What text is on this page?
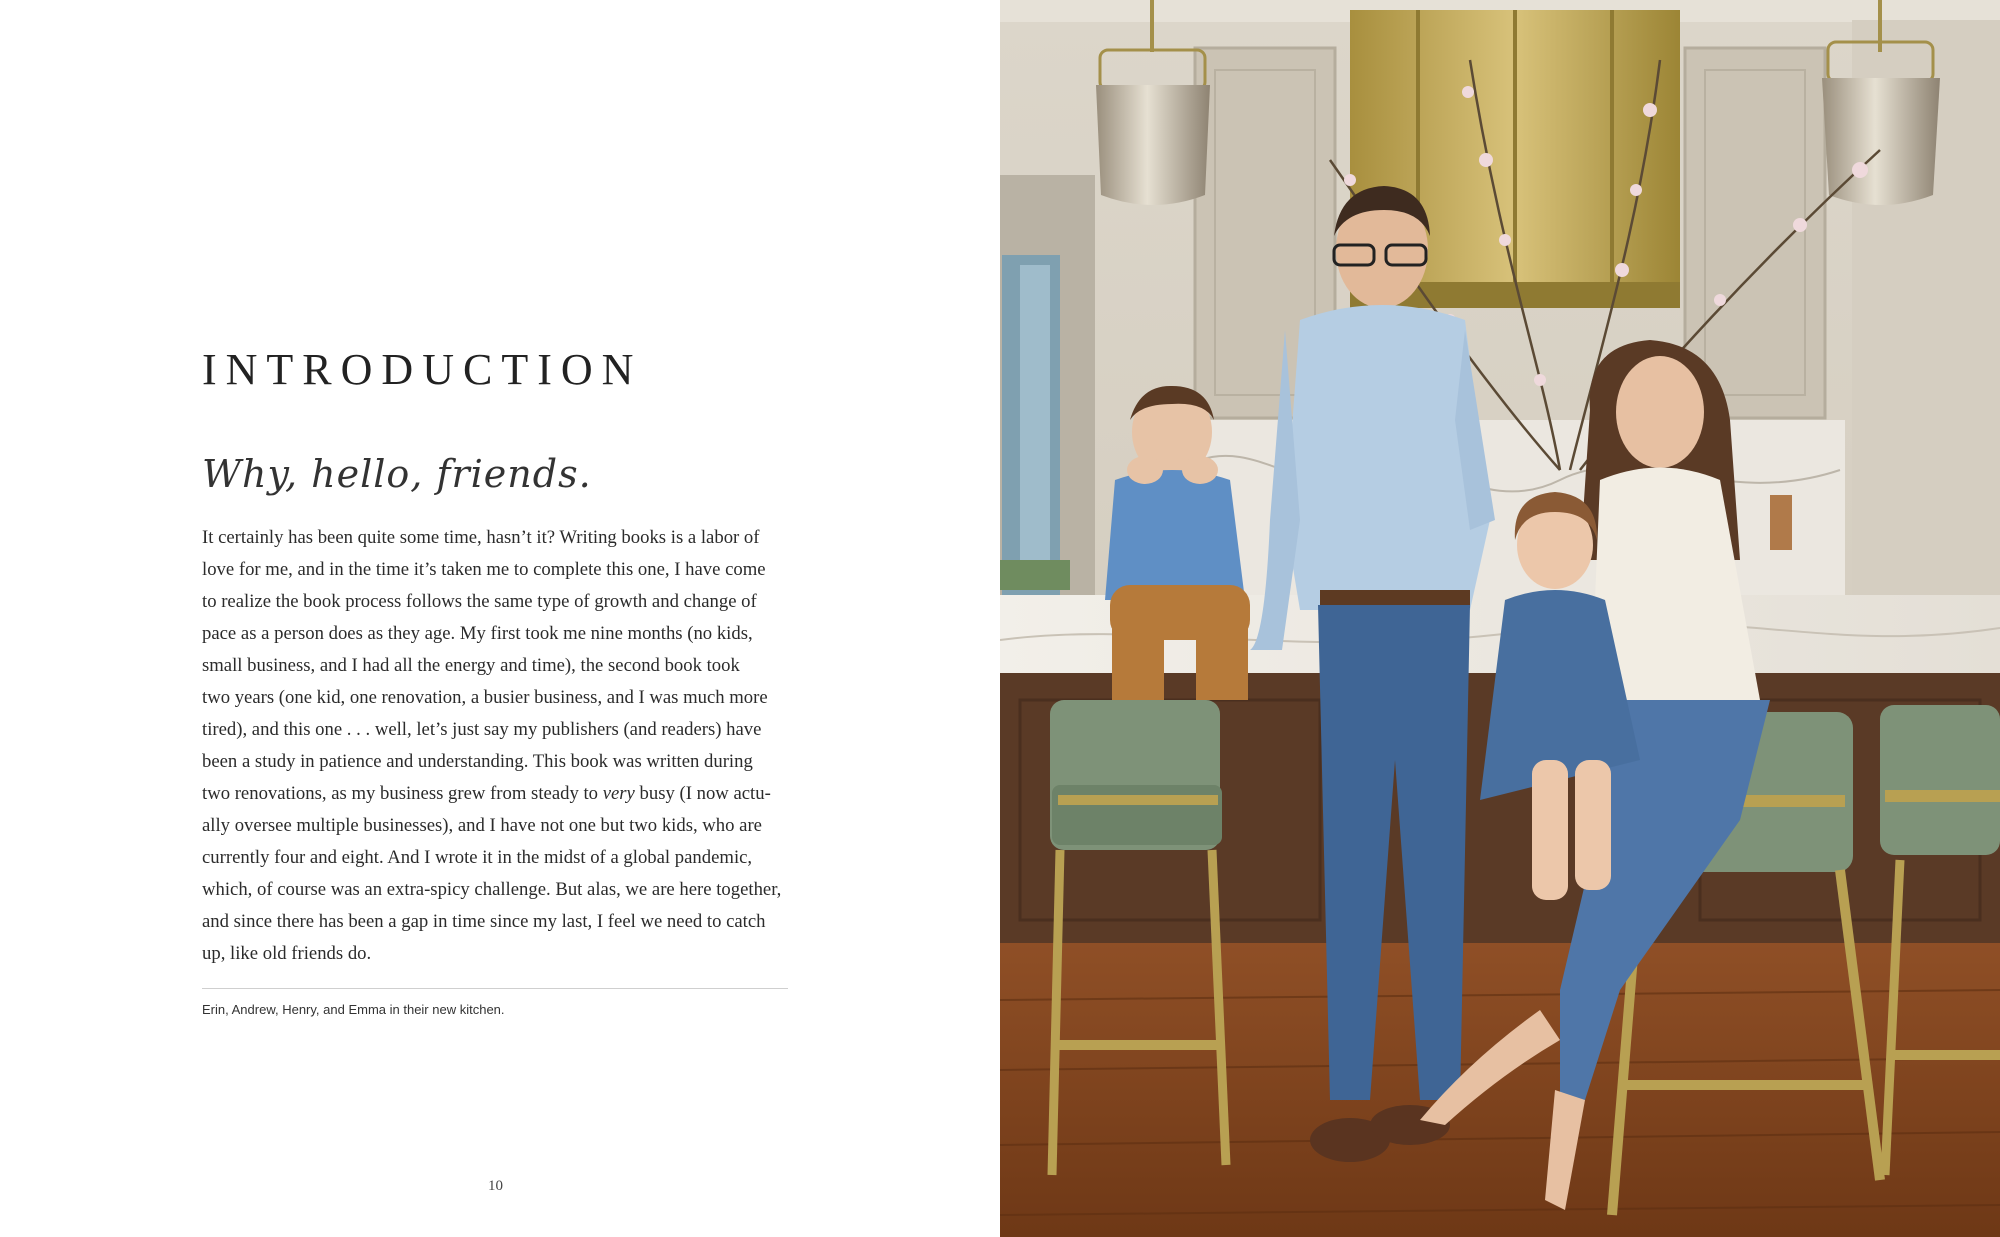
INTRODUCTION

Why, hello, friends.

It certainly has been quite some time, hasn’t it? Writing books is a labor of
love for me, and in the time it’s taken me to complete this one, I have come
to realize the book process follows the same type of growth and change of
pace as a person does as they age. My first took me nine months (no kids,
small business, and I had all the energy and time), the second book took
two years (one kid, one renovation, a busier business, and I was much more
tired), and this one . . . well, let’s just say my publishers (and readers) have
been a study in patience and understanding. This book was written during
two renovations, as my business grew from steady to very busy (I now actu-
ally oversee multiple businesses), and I have not one but two kids, who are
currently four and eight. And I wrote it in the midst of a global pandemic,
which, of course was an extra-spicy challenge. But alas, we are here together,
and since there has been a gap in time since my last, I feel we need to catch
up, like old friends do.

Erin, Andrew, Henry, and Emma in their new kitchen.
10
